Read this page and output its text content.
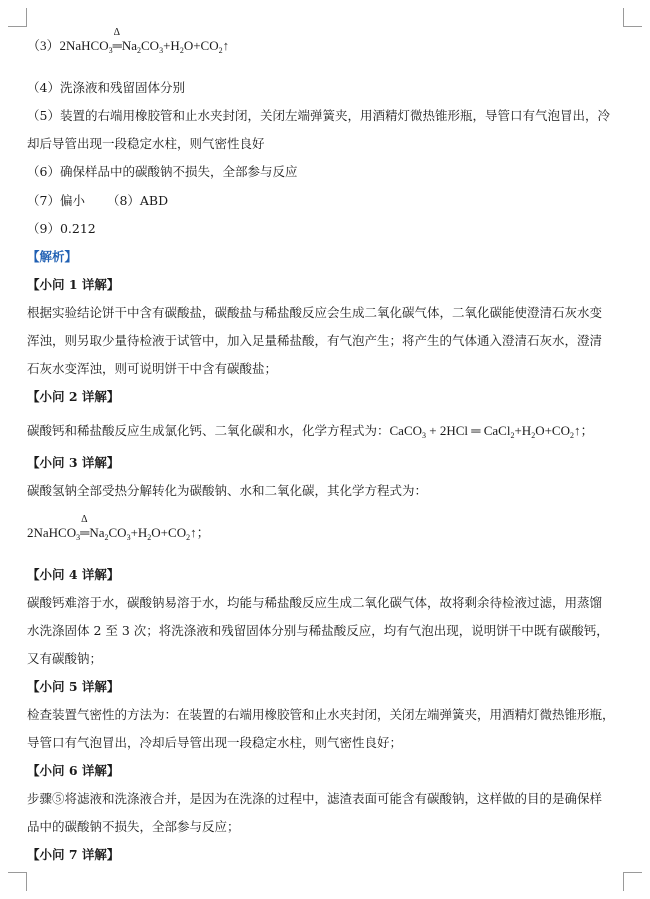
（3）2NaHCO$_3$
Δ
$═Na_2CO_3+H_2O+CO_2↑$
（4）洗涤液和残留固体分别
（5）装置的右端用橡胶管和止水夹封闭，关闭左端弹簧夹，用酒精灯微热锥形瓶，导管口有气泡冒出，冷
却后导管出现一段稳定水柱，则气密性良好
（6）确保样品中的碳酸钠不损失，全部参与反应
（7）偏小 （8）ABD
（9）0.212
【解析】
【小问 1 详解】
根据实验结论饼干中含有碳酸盐，碳酸盐与稀盐酸反应会生成二氧化碳气体，二氧化碳能使澄清石灰水变
浑浊，则另取少量待检液于试管中，加入足量稀盐酸，有气泡产生；将产生的气体通入澄清石灰水，澄清
石灰水变浑浊，则可说明饼干中含有碳酸盐；
【小问 2 详解】
碳酸钙和稀盐酸反应生成氯化钙、二氧化碳和水，化学方程式为：CaCO$_3$ + 2HCl ═ $CaCl_2+H_2O+CO_2↑$；
【小问 3 详解】
碳酸氢钠全部受热分解转化为碳酸钠、水和二氧化碳，其化学方程式为：
2NaHCO$_3$
Δ
$═Na_2CO_3+H_2O+CO_2↑$；
【小问 4 详解】
碳酸钙难溶于水，碳酸钠易溶于水，均能与稀盐酸反应生成二氧化碳气体，故将剩余待检液过滤，用蒸馏
水洗涤固体 2 至 3 次；将洗涤液和残留固体分别与稀盐酸反应，均有气泡出现，说明饼干中既有碳酸钙，
又有碳酸钠；
【小问 5 详解】
检查装置气密性的方法为：在装置的右端用橡胶管和止水夹封闭，关闭左端弹簧夹，用酒精灯微热锥形瓶，
导管口有气泡冒出，冷却后导管出现一段稳定水柱，则气密性良好；
【小问 6 详解】
步骤⑤将滤液和洗涤液合并，是因为在洗涤的过程中，滤渣表面可能含有碳酸钠，这样做的目的是确保样
品中的碳酸钠不损失，全部参与反应；
【小问 7 详解】
